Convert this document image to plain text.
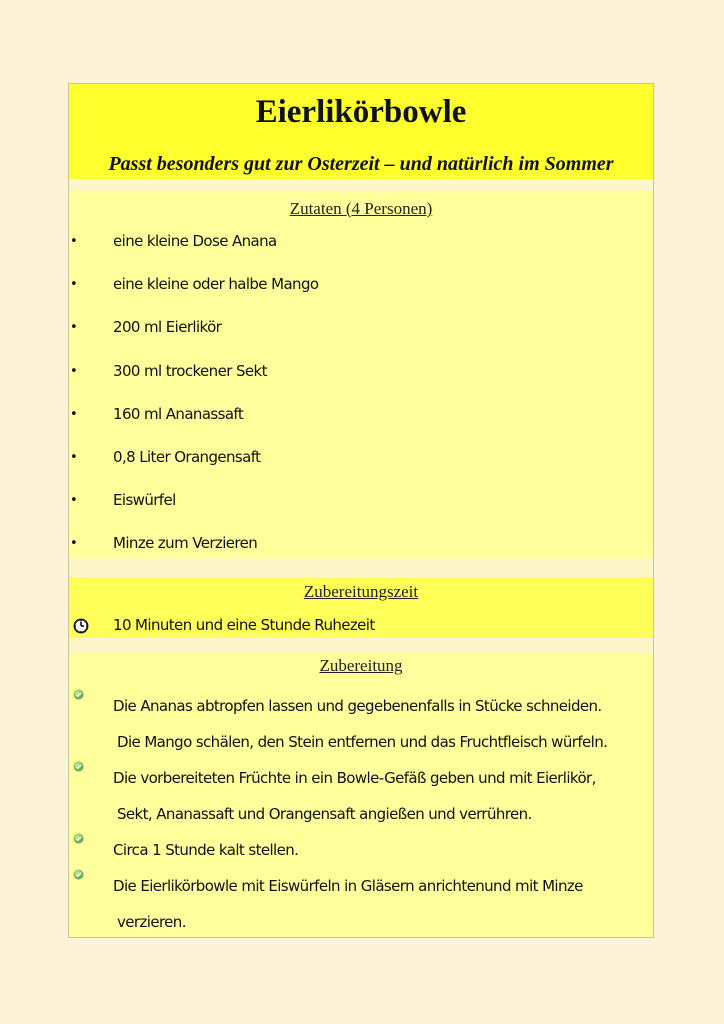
Eierlikörbowle
Passt besonders gut zur Osterzeit – und natürlich im Sommer
Zutaten (4 Personen)
• eine kleine Dose Anana
• eine kleine oder halbe Mango
• 200 ml Eierlikör
• 300 ml trockener Sekt
• 160 ml Ananassaft
• 0,8 Liter Orangensaft
• Eiswürfel
• Minze zum Verzieren
Zubereitungszeit
10 Minuten und eine Stunde Ruhezeit
Zubereitung
Die Ananas abtropfen lassen und gegebenenfalls in Stücke schneiden.
Die Mango schälen, den Stein entfernen und das Fruchtfleisch würfeln.
Die vorbereiteten Früchte in ein Bowle-Gefäß geben und mit Eierlikör,
Sekt, Ananassaft und Orangensaft angießen und verrühren.
Circa 1 Stunde kalt stellen.
Die Eierlikörbowle mit Eiswürfeln in Gläsern anrichtenund mit Minze
verzieren.
